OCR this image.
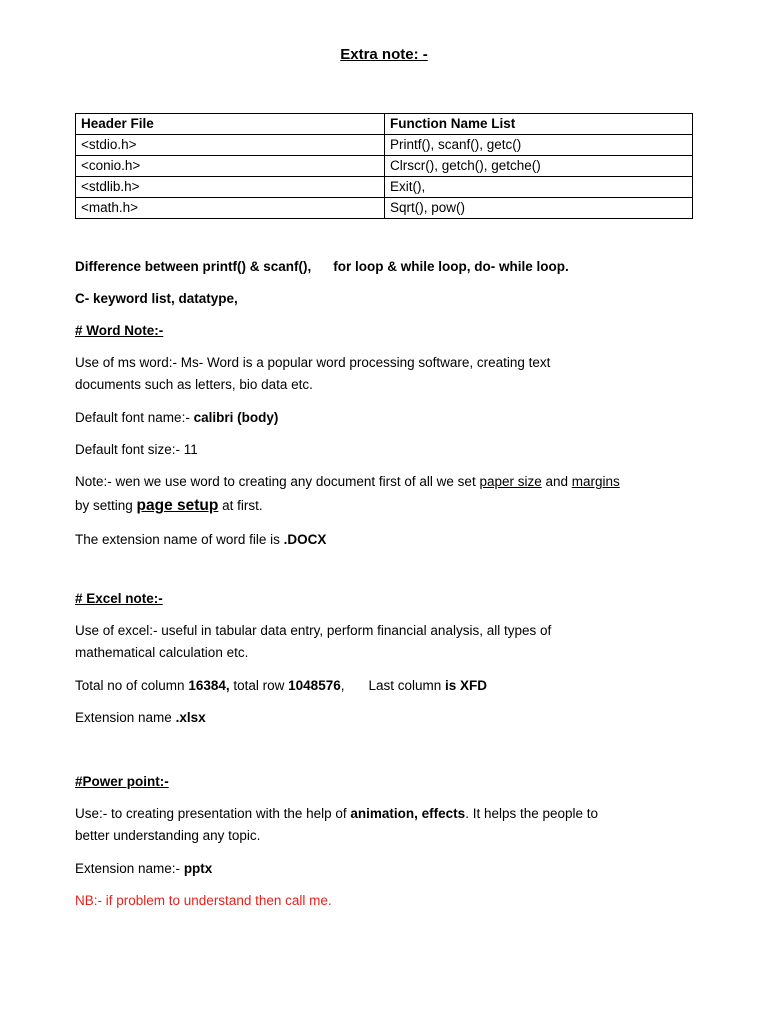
Extra note: -
Header File	Function Name List
<stdio.h>	Printf(), scanf(), getc()
<conio.h>	Clrscr(), getch(), getche()
<stdlib.h>	Exit(),
<math.h>	Sqrt(), pow()
Difference between printf() & scanf(), for loop & while loop, do- while loop.
C- keyword list, datatype,
# Word Note:-
Use of ms word:- Ms- Word is a popular word processing software, creating text
documents such as letters, bio data etc.
Default font name:- calibri (body)
Default font size:- 11
Note:- wen we use word to creating any document first of all we set paper size and margins
by setting page setup at first.
The extension name of word file is .DOCX
# Excel note:-
Use of excel:- useful in tabular data entry, perform financial analysis, all types of
mathematical calculation etc.
Total no of column 16384, total row 1048576, Last column is XFD
Extension name .xlsx
#Power point:-
Use:- to creating presentation with the help of animation, effects. It helps the people to
better understanding any topic.
Extension name:- pptx
NB:- if problem to understand then call me.
